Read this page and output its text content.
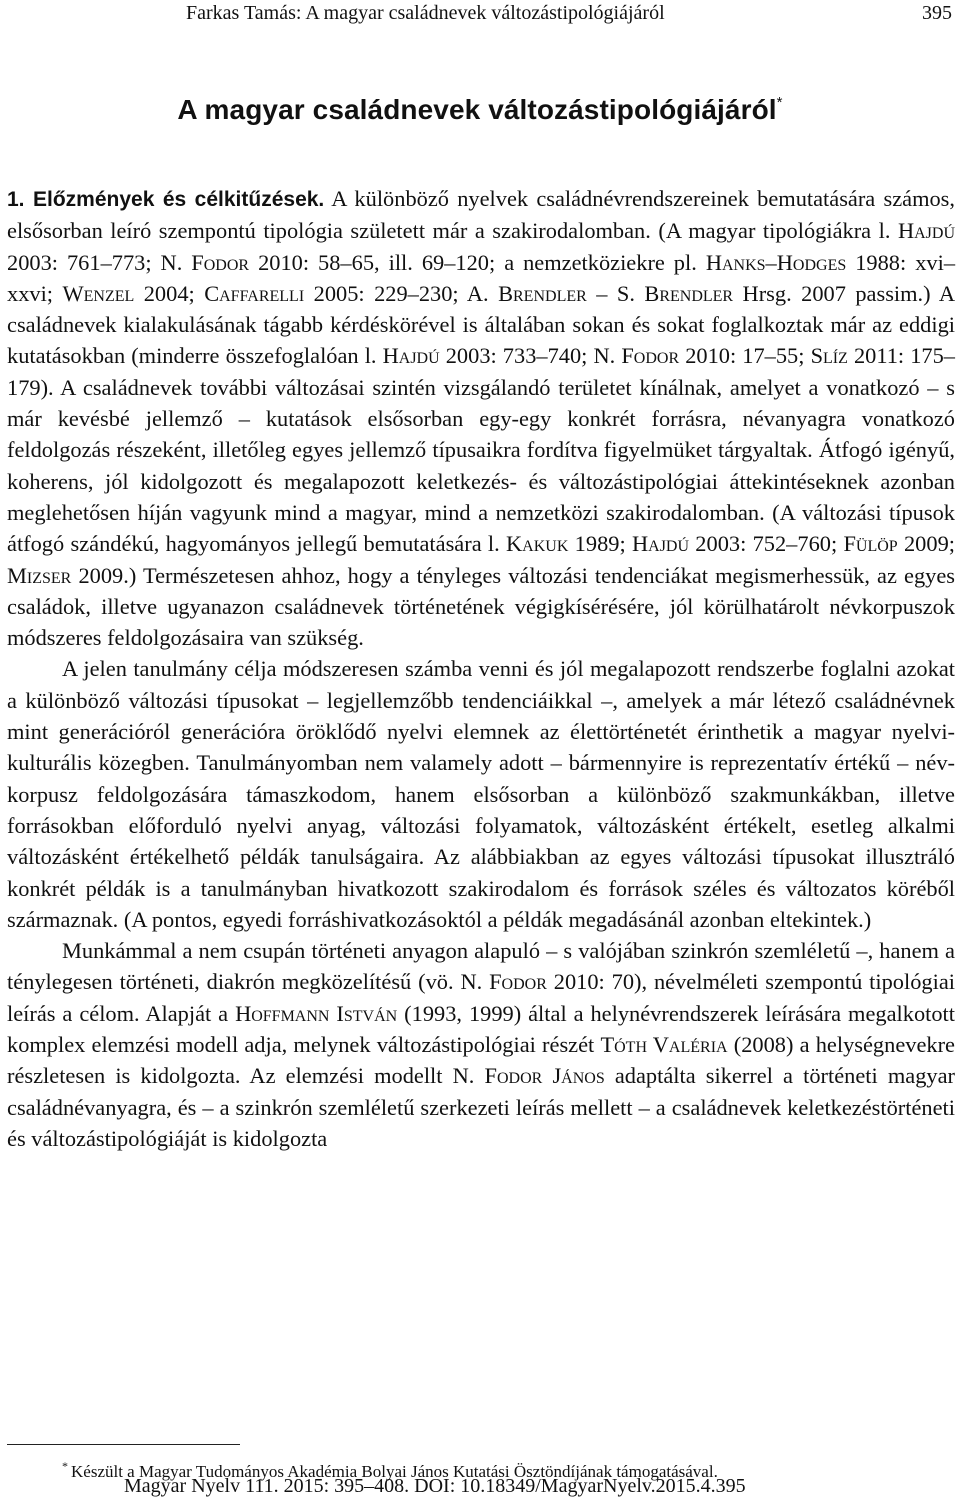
Farkas Tamás: A magyar családnevek változástipológiájáról	395
A magyar családnevek változástipológiájáról*

1. Előzmények és célkitűzések. A különböző nyelvek családnévrendszereinek bemutatására számos, elsősorban leíró szempontú tipológia született már a szakirodalomban. (A magyar tipológiákra l. Hajdú 2003: 761–773; N. Fodor 2010: 58–65, ill. 69–120; a nemzetköziekre pl. Hanks–Hodges 1988: xvi–xxvi; Wenzel 2004; Caffarelli 2005: 229–230; A. Brendler – S. Brendler Hrsg. 2007 passim.) A családnevek kialakulásának tágabb kérdéskörével is általában sokan és sokat foglalkoztak már az eddigi kutatásokban (minderre összefoglalóan l. Hajdú 2003: 733–740; N. Fodor 2010: 17–55; Slíz 2011: 175–179). A családnevek további változásai szintén vizsgálandó területet kínálnak, amelyet a vonatkozó – s már kevésbé jellemző – kutatások elsősorban egy-egy konkrét forrásra, névanyagra vonatkozó feldolgozás részeként, illetőleg egyes jellemző típusaikra fordítva figyelmüket tárgyaltak. Átfogó igényű, koherens, jól kidolgozott és megalapozott keletkezés- és változástipológiai áttekintéseknek azonban meglehetősen híján vagyunk mind a magyar, mind a nemzetközi szakirodalomban. (A változási típusok átfogó szándékú, hagyományos jellegű bemutatására l. Kakuk 1989; Hajdú 2003: 752–760; Fülöp 2009; Mizser 2009.) Természetesen ahhoz, hogy a tényleges változási tendenciákat megismerhessük, az egyes családok, illetve ugyanazon családnevek történetének végigkísérésére, jól körülhatárolt névkorpuszok módszeres feldolgozásaira van szükség.

A jelen tanulmány célja módszeresen számba venni és jól megalapozott rendszerbe foglalni azokat a különböző változási típusokat – legjellemzőbb tendenciáikkal –, amelyek a már létező családnévnek mint generációról generációra öröklődő nyelvi elemnek az élettörténetét érinthetik a magyar nyelvi-kulturális közegben. Tanulmányomban nem valamely adott – bármennyire is reprezentatív értékű – névkorpusz feldolgozására támaszkodom, hanem elsősorban a különböző szakmunkákban, illetve forrásokban előforduló nyelvi anyag, változási folyamatok, változásként értékelt, esetleg alkalmi változásként értékelhető példák tanulságaira. Az alábbiakban az egyes változási típusokat illusztráló konkrét példák is a tanulmányban hivatkozott szakirodalom és források széles és változatos köréből származnak. (A pontos, egyedi forráshivatkozásoktól a példák megadásánál azonban eltekintek.)

Munkámmal a nem csupán történeti anyagon alapuló – s valójában szinkrón szemléletű –, hanem a ténylegesen történeti, diakrón megközelítésű (vö. N. Fodor 2010: 70), névelméleti szempontú tipológiai leírás a célom. Alapját a Hoffmann István (1993, 1999) által a helynévrendszerek leírására megalkotott komplex elemzési modell adja, melynek változástipológiai részét Tóth Valéria (2008) a helységnevekre részletesen is kidolgozta. Az elemzési modellt N. Fodor János adaptálta sikerrel a történeti magyar családnévanyagra, és – a szinkrón szemléletű szerkezeti leírás mellett – a családnevek keletkezéstörténeti és változástipológiáját is kidolgozta

* Készült a Magyar Tudományos Akadémia Bolyai János Kutatási Ösztöndíjának támogatásával.
Magyar Nyelv 111. 2015: 395–408. DOI: 10.18349/MagyarNyelv.2015.4.395
